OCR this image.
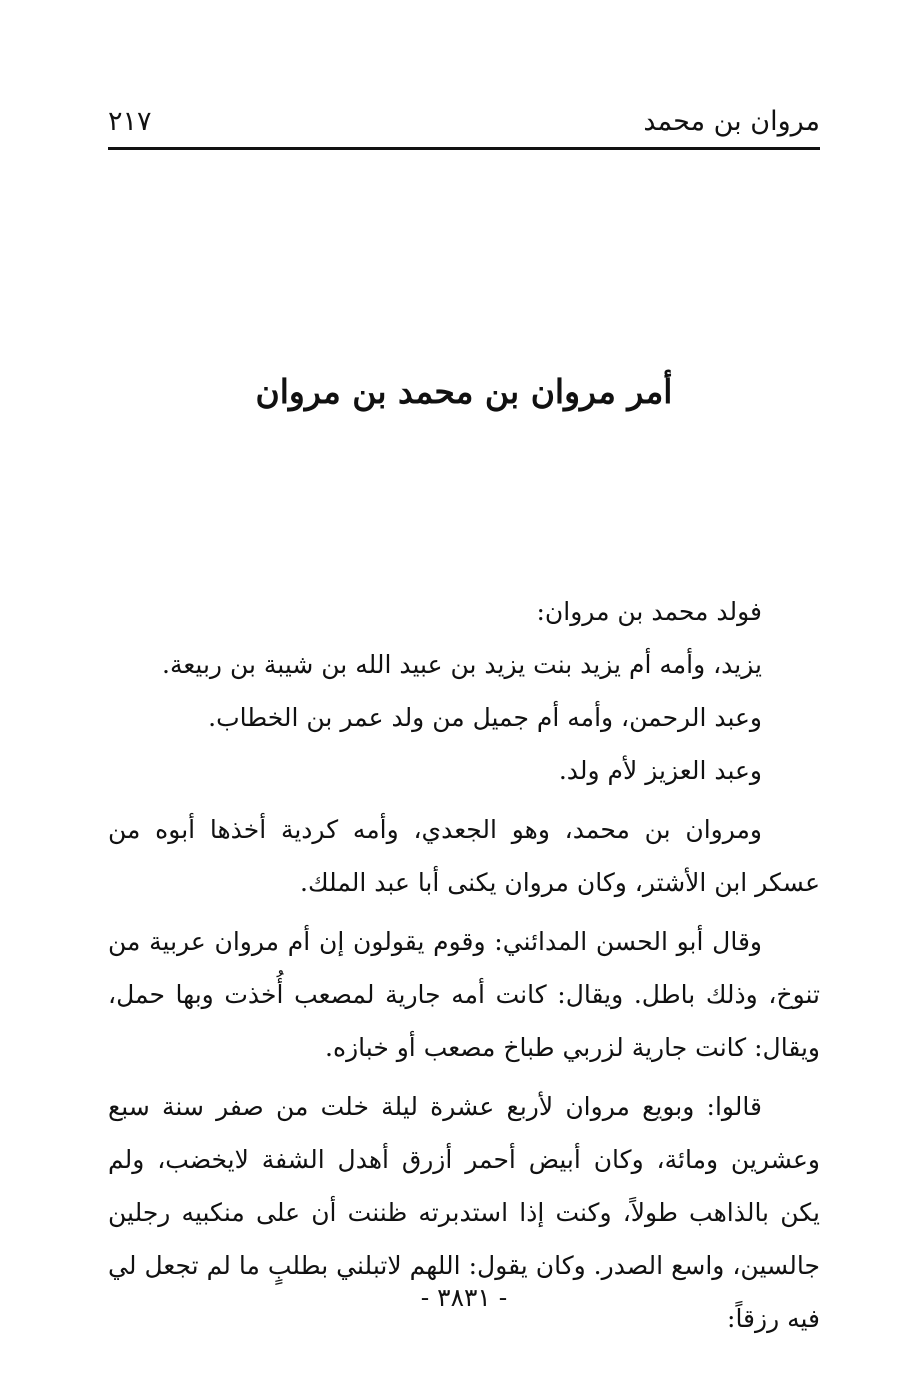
مروان بن محمد
٢١٧
أمر مروان بن محمد بن مروان
فولد محمد بن مروان:
يزيد، وأمه أم يزيد بنت يزيد بن عبيد الله بن شيبة بن ربيعة.
وعبد الرحمن، وأمه أم جميل من ولد عمر بن الخطاب.
وعبد العزيز لأم ولد.

ومروان بن محمد، وهو الجعدي، وأمه كردية أخذها أبوه من عسكر ابن الأشتر، وكان مروان يكنى أبا عبد الملك.

وقال أبو الحسن المدائني: وقوم يقولون إن أم مروان عربية من تنوخ، وذلك باطل. ويقال: كانت أمه جارية لمصعب أُخذت وبها حمل، ويقال: كانت جارية لزربي طباخ مصعب أو خبازه.

قالوا: وبويع مروان لأربع عشرة ليلة خلت من صفر سنة سبع وعشرين ومائة، وكان أبيض أحمر أزرق أهدل الشفة لايخضب، ولم يكن بالذاهب طولاً، وكنت إذا استدبرته ظننت أن على منكبيه رجلين جالسين، واسع الصدر. وكان يقول: اللهم لاتبلني بطلبٍ ما لم تجعل لي فيه رزقاً:

- ٣٨٣١ -
